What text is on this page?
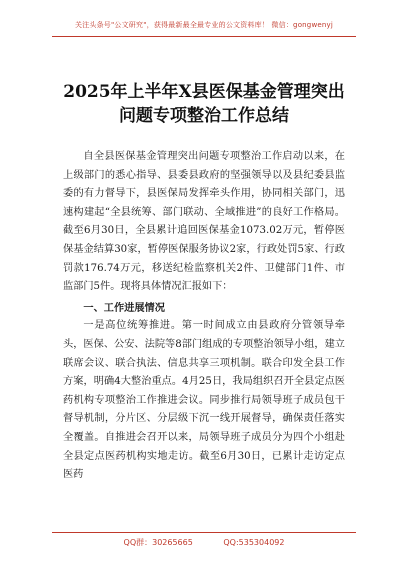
关注头条号"公文研究"，获得最新最全最专业的公文资料库！ 微信：gongwenyj
2025年上半年X县医保基金管理突出
问题专项整治工作总结

自全县医保基金管理突出问题专项整治工作启动以来，在上级部门的悉心指导、县委县政府的坚强领导以及县纪委县监委的有力督导下，县医保局发挥牵头作用，协同相关部门，迅速构建起“全县统筹、部门联动、全域推进”的良好工作格局。截至6月30日，全县累计追回医保基金1073.02万元，暂停医保基金结算30家，暂停医保服务协议2家，行政处罚5家、行政罚款176.74万元，移送纪检监察机关2件、卫健部门1件、市监部门5件。现将具体情况汇报如下：

一、工作进展情况

一是高位统筹推进。第一时间成立由县政府分管领导牵头，医保、公安、法院等8部门组成的专项整治领导小组，建立联席会议、联合执法、信息共享三项机制。联合印发全县工作方案，明确4大整治重点。4月25日，我局组织召开全县定点医药机构专项整治工作推进会议。同步推行局领导班子成员包干督导机制，分片区、分层级下沉一线开展督导，确保责任落实全覆盖。自推进会召开以来，局领导班子成员分为四个小组赴全县定点医药机构实地走访。截至6月30日，已累计走访定点医药

QQ群：30265665	QQ:535304092
